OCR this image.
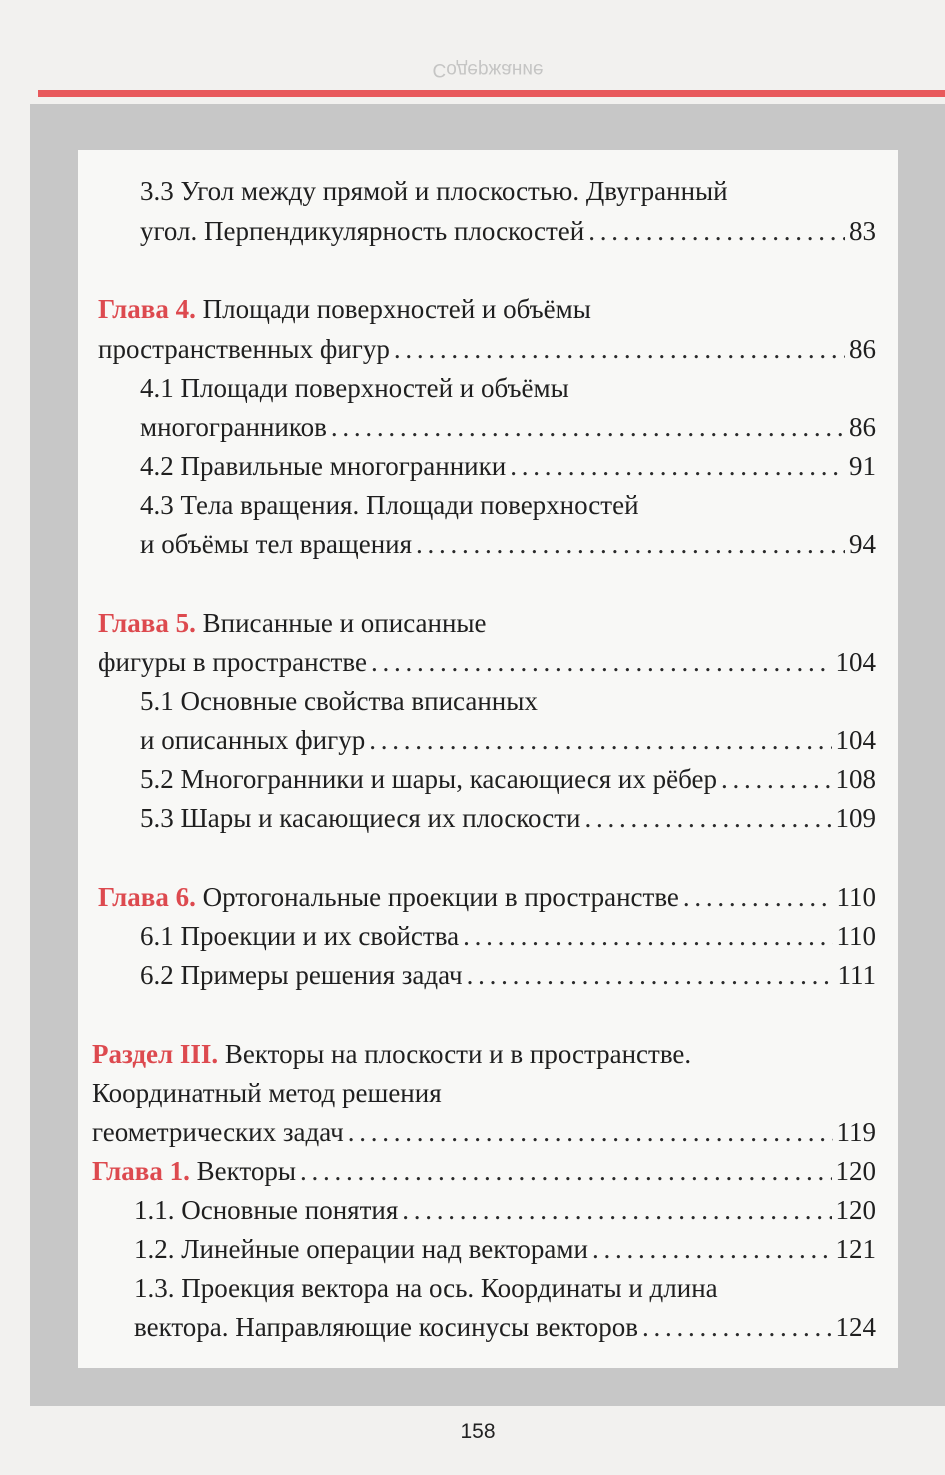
Содержание
3.3 Угол между прямой и плоскостью. Двугранный
угол. Перпендикулярность плоскостей . . .	83
Глава 4. Площади поверхностей и объёмы
пространственных фигур . . .	86
4.1 Площади поверхностей и объёмы
многогранников . . .	86
4.2 Правильные многогранники . . .	91
4.3 Тела вращения. Площади поверхностей
и объёмы тел вращения . . .	94
Глава 5. Вписанные и описанные
фигуры в пространстве . . .	104
5.1 Основные свойства вписанных
и описанных фигур . . .	104
5.2 Многогранники и шары, касающиеся их рёбер . . .	108
5.3 Шары и касающиеся их плоскости . . .	109
Глава 6. Ортогональные проекции в пространстве . . .	110
6.1 Проекции и их свойства . . .	110
6.2 Примеры решения задач . . .	111
Раздел III. Векторы на плоскости и в пространстве.
Координатный метод решения
геометрических задач . . .	119
Глава 1. Векторы . . .	120
1.1. Основные понятия . . .	120
1.2. Линейные операции над векторами . . .	121
1.3. Проекция вектора на ось. Координаты и длина
вектора. Направляющие косинусы векторов . . .	124
158
